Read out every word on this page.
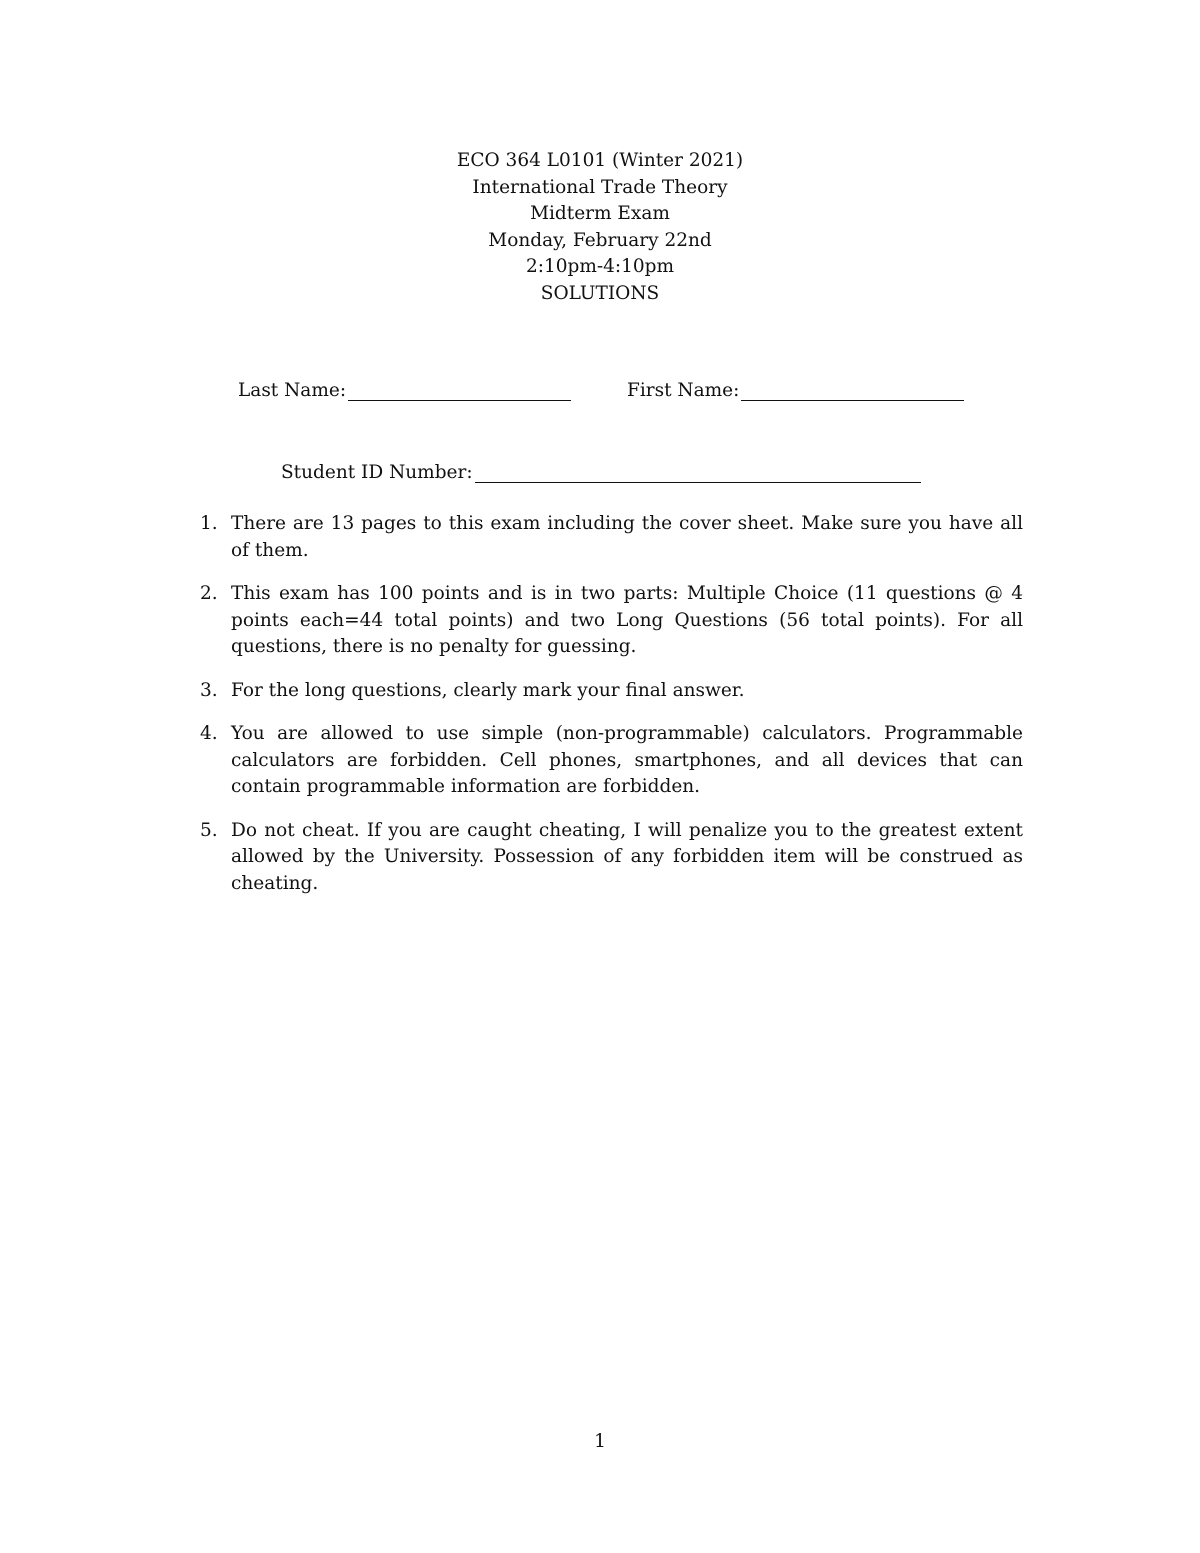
ECO 364 L0101 (Winter 2021)
International Trade Theory
Midterm Exam
Monday, February 22nd
2:10pm-4:10pm
SOLUTIONS
Last Name:	First Name:
Student ID Number:
1. There are 13 pages to this exam including the cover sheet. Make sure you have all of them.
2. This exam has 100 points and is in two parts: Multiple Choice (11 questions @ 4 points each=44 total points) and two Long Questions (56 total points). For all questions, there is no penalty for guessing.
3. For the long questions, clearly mark your final answer.
4. You are allowed to use simple (non-programmable) calculators. Programmable calculators are forbidden. Cell phones, smartphones, and all devices that can contain programmable information are forbidden.
5. Do not cheat. If you are caught cheating, I will penalize you to the greatest extent allowed by the University. Possession of any forbidden item will be construed as cheating.
1
